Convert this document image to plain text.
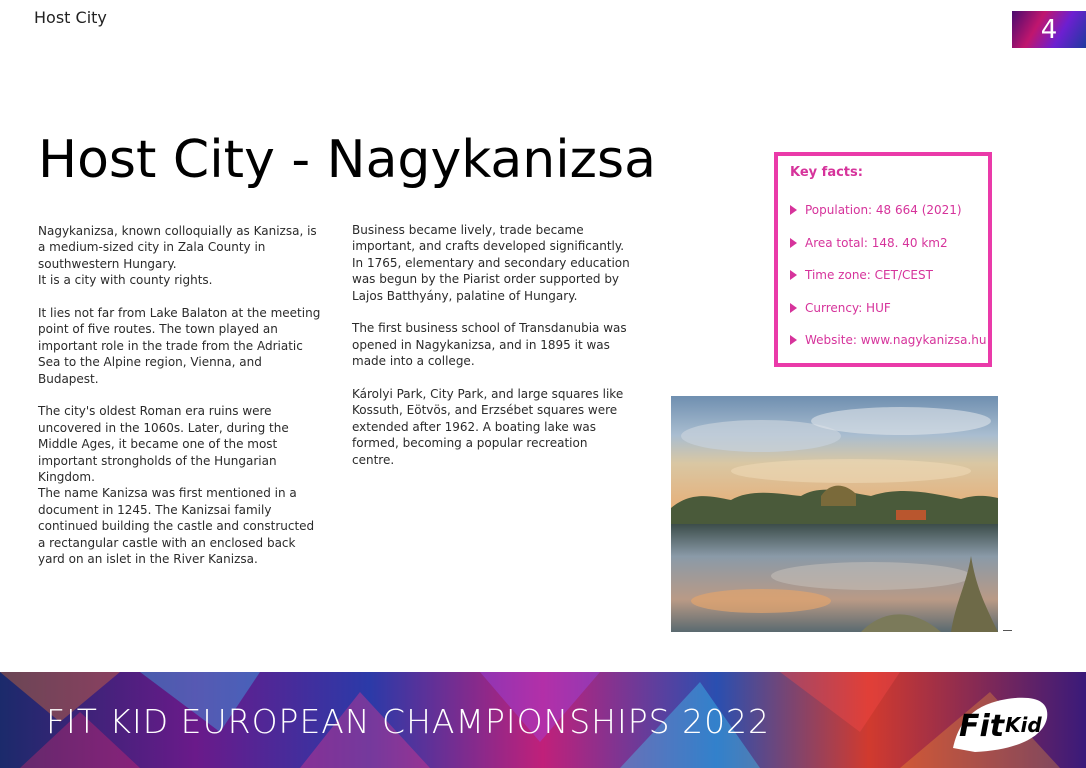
Host City	4
Host City - Nagykanizsa

Nagykanizsa, known colloquially as Kanizsa, is a medium-sized city in Zala County in southwestern Hungary.

It is a city with county rights.

It lies not far from Lake Balaton at the meeting point of five routes. The town played an important role in the trade from the Adriatic Sea to the Alpine region, Vienna, and Budapest.

The city's oldest Roman era ruins were uncovered in the 1060s. Later, during the Middle Ages, it became one of the most important strongholds of the Hungarian Kingdom.

The name Kanizsa was first mentioned in a document in 1245. The Kanizsai family continued building the castle and constructed a rectangular castle with an enclosed back yard on an islet in the River Kanizsa.

Business became lively, trade became important, and crafts developed significantly. In 1765, elementary and secondary education was begun by the Piarist order supported by Lajos Batthyány, palatine of Hungary.

The first business school of Transdanubia was opened in Nagykanizsa, and in 1895 it was made into a college.

Károlyi Park, City Park, and large squares like Kossuth, Eötvös, and Erzsébet squares were extended after 1962. A boating lake was formed, becoming a popular recreation centre.

Key facts:
Population: 48 664 (2021)
Area total: 148. 40 km2
Time zone: CET/CEST
Currency: HUF
Website: www.nagykanizsa.hu
FIT KID EUROPEAN CHAMPIONSHIPS 2022	Fit Kid
